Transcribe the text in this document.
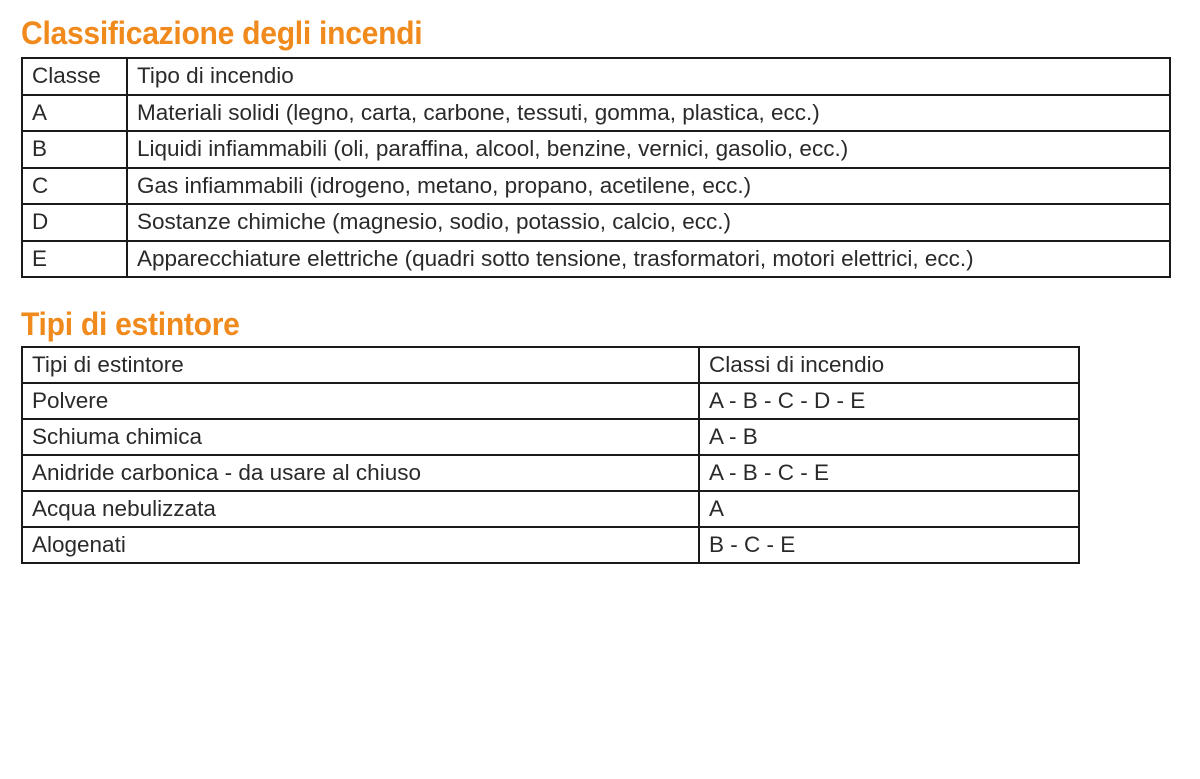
Classificazione degli incendi
Classe	Tipo di incendio
A	Materiali solidi (legno, carta, carbone, tessuti, gomma, plastica, ecc.)
B	Liquidi infiammabili (oli, paraffina, alcool, benzine, vernici, gasolio, ecc.)
C	Gas infiammabili (idrogeno, metano, propano, acetilene, ecc.)
D	Sostanze chimiche (magnesio, sodio, potassio, calcio, ecc.)
E	Apparecchiature elettriche (quadri sotto tensione, trasformatori, motori elettrici, ecc.)
Tipi di estintore
Tipi di estintore	Classi di incendio
Polvere	A - B - C - D - E
Schiuma chimica	A - B
Anidride carbonica - da usare al chiuso	A - B - C - E
Acqua nebulizzata	A
Alogenati	B - C - E
